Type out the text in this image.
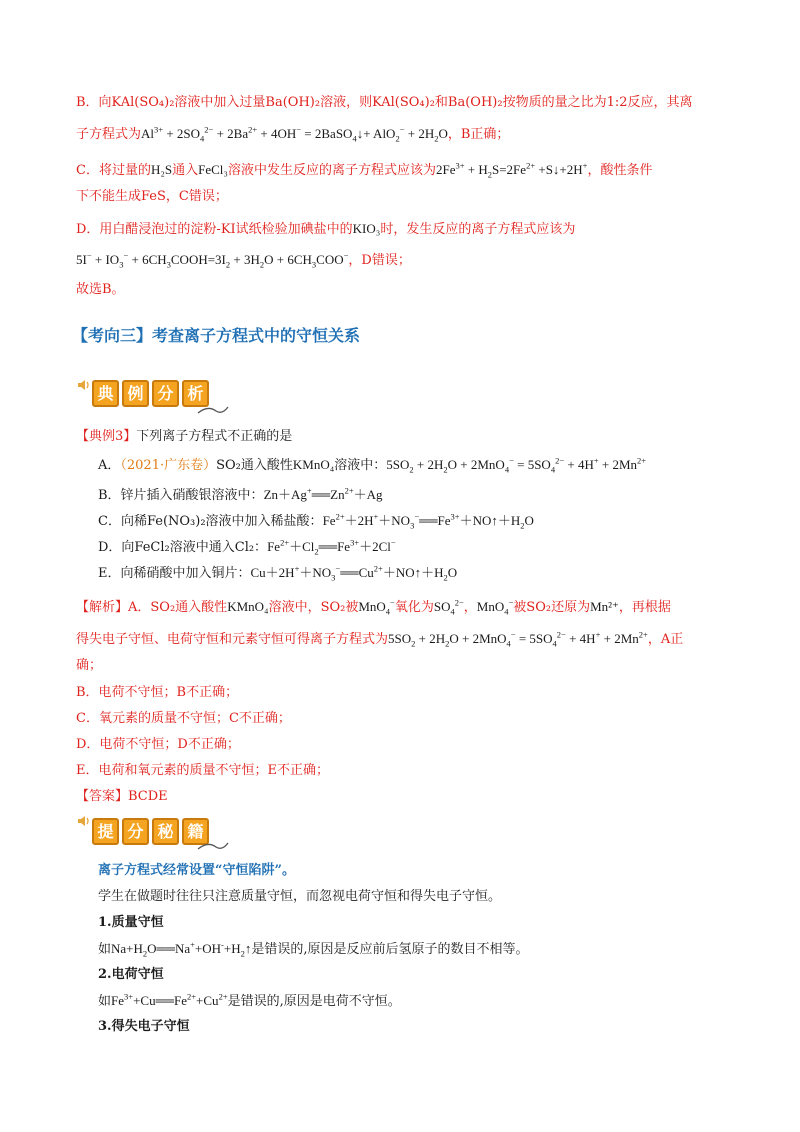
B．向KAl(SO₄)₂溶液中加入过量Ba(OH)₂溶液，则KAl(SO₄)₂和Ba(OH)₂按物质的量之比为1:2反应，其离
子方程式为$Al^{3+} + 2SO_4^{2-} + 2Ba^{2+} + 4OH^-$ = 2BaSO$_4$↓+ $AlO_2^- + 2H_2O$，B正确；
C．将过量的H₂S通入FeCl₃溶液中发生反应的离子方程式应该为$2Fe^{3+} + H_2S=2Fe^{2+}$ +S↓+2H+，酸性条件
下不能生成FeS，C错误；
D．用白醋浸泡过的淀粉-KI试纸检验加碘盐中的KIO₃时，发生反应的离子方程式应该为
$5I^- + IO_3^-$ + $6CH_3COOH=3I_2 + 3H_2O + 6CH_3COO^-$，D错误；
故选B。
【考向三】考查离子方程式中的守恒关系
典 例 分 析
【典例3】下列离子方程式不正确的是
A．（2021·广东卷）SO₂通入酸性KMnO₄溶液中：$5SO_2 + 2H_2O + 2MnO_4^- = 5SO_4^{2-} + 4H^+ + 2Mn^{2+}$
B．锌片插入硝酸银溶液中：$Zn+Ag^+══Zn^{2+}+Ag$
C．向稀Fe(NO₃)₂溶液中加入稀盐酸：$Fe^{2+}+2H^++NO_3^-══Fe^{3+}+NO↑+H_2O$
D．向FeCl₂溶液中通入Cl₂：$Fe^{2+}+Cl_2══Fe^{3+}+2Cl^-$
E．向稀硝酸中加入铜片：$Cu+2H^++NO_3^-══Cu^{2+}+NO↑+H_2O$
【解析】A．SO₂通入酸性KMnO₄溶液中，SO₂被MnO$_4$−氧化为$SO_4^{2-}$，MnO$_4$−被SO₂还原为Mn²⁺，再根据
得失电子守恒、电荷守恒和元素守恒可得离子方程式为$5SO_2 + 2H_2O + 2MnO_4^- = 5SO_4^{2-} + 4H^+ + 2Mn^{2+}$，A正
确；
B．电荷不守恒；B不正确；
C．氧元素的质量不守恒；C不正确；
D．电荷不守恒；D不正确；
E．电荷和氧元素的质量不守恒；E不正确；
【答案】BCDE
提 分 秘 籍
离子方程式经常设置“守恒陷阱”。
学生在做题时往往只注意质量守恒，而忽视电荷守恒和得失电子守恒。
1.质量守恒
如$Na+H_2O══Na^++OH^-+H_2↑$是错误的,原因是反应前后氢原子的数目不相等。
2.电荷守恒
如$Fe^{3+}+Cu══Fe^{2+}+Cu^{2+}$是错误的,原因是电荷不守恒。
3.得失电子守恒
